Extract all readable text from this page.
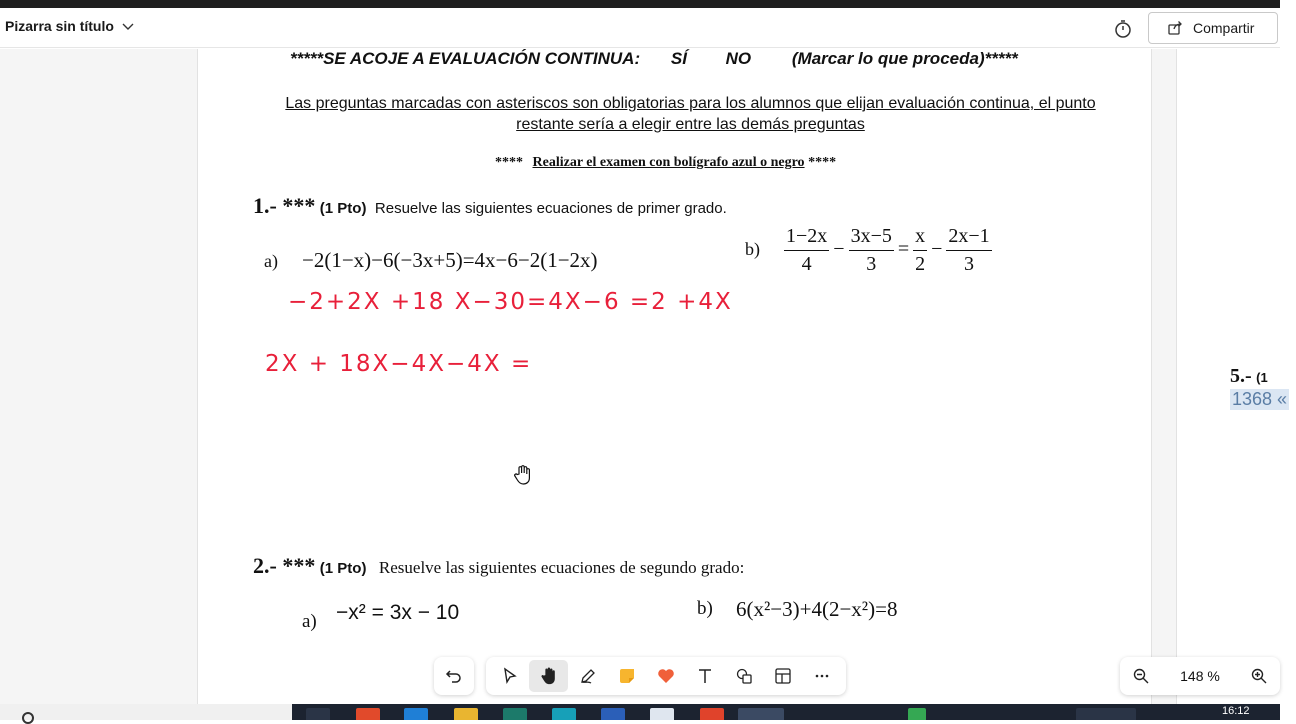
Pizarra sin título	Compartir
*****SE ACOJE A EVALUACIÓN CONTINUA: SÍ NO (Marcar lo que proceda)*****
Las preguntas marcadas con asteriscos son obligatorias para los alumnos que elijan evaluación continua, el punto restante sería a elegir entre las demás preguntas
**** Realizar el examen con bolígrafo azul o negro ****
1.- *** (1 Pto) Resuelve las siguientes ecuaciones de primer grado.
a) −2(1−x)−6(−3x+5)=4x−6−2(1−2x)	$b) \frac{1-2x}{4} - \frac{3x-5}{3} = \frac{x}{2} - \frac{2x-1}{3}$
2.- *** (1 Pto) Resuelve las siguientes ecuaciones de segundo grado:
a) −x² = 3x − 10	b) 6(x²−3)+4(2−x²)=8
−2+2X +18 X−30=4X−6 =2 +4X
2X + 18X−4X−4X =	5.- (1
1368 «
148 %
16:12
